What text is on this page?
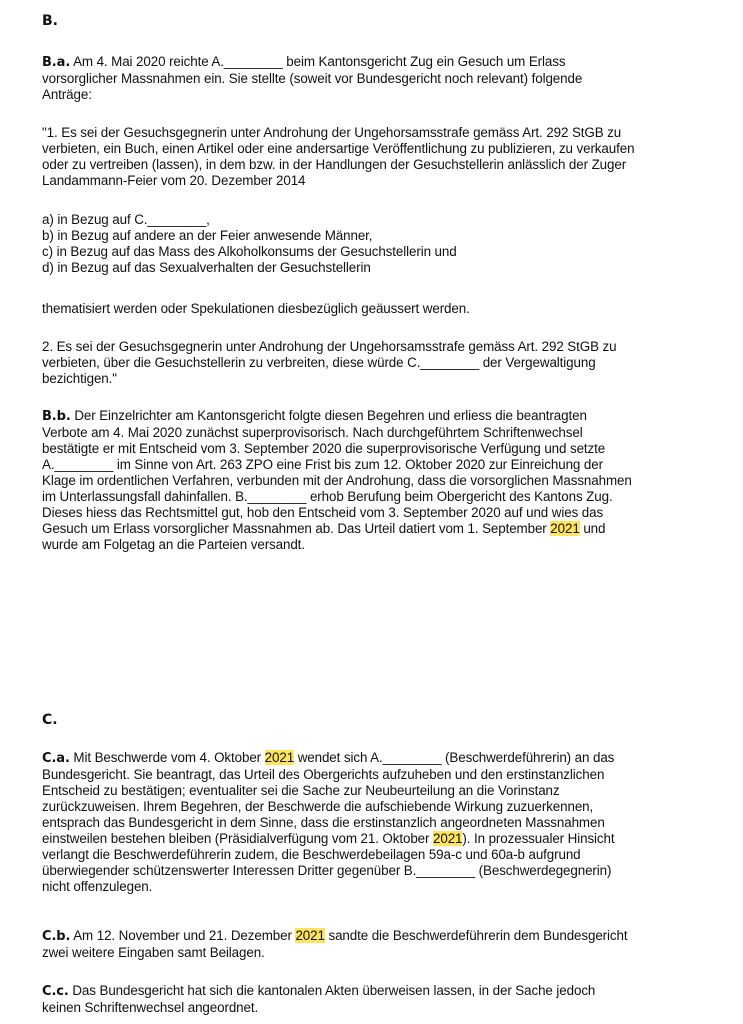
B.
B.a. Am 4. Mai 2020 reichte A.________ beim Kantonsgericht Zug ein Gesuch um Erlass
vorsorglicher Massnahmen ein. Sie stellte (soweit vor Bundesgericht noch relevant) folgende
Anträge:
"1. Es sei der Gesuchsgegnerin unter Androhung der Ungehorsamsstrafe gemäss Art. 292 StGB zu
verbieten, ein Buch, einen Artikel oder eine andersartige Veröffentlichung zu publizieren, zu verkaufen
oder zu vertreiben (lassen), in dem bzw. in der Handlungen der Gesuchstellerin anlässlich der Zuger
Landammann-Feier vom 20. Dezember 2014
a) in Bezug auf C.________,
b) in Bezug auf andere an der Feier anwesende Männer,
c) in Bezug auf das Mass des Alkoholkonsums der Gesuchstellerin und
d) in Bezug auf das Sexualverhalten der Gesuchstellerin
thematisiert werden oder Spekulationen diesbezüglich geäussert werden.
2. Es sei der Gesuchsgegnerin unter Androhung der Ungehorsamsstrafe gemäss Art. 292 StGB zu
verbieten, über die Gesuchstellerin zu verbreiten, diese würde C.________ der Vergewaltigung
bezichtigen."
B.b. Der Einzelrichter am Kantonsgericht folgte diesen Begehren und erliess die beantragten
Verbote am 4. Mai 2020 zunächst superprovisorisch. Nach durchgeführtem Schriftenwechsel
bestätigte er mit Entscheid vom 3. September 2020 die superprovisorische Verfügung und setzte
A.________ im Sinne von Art. 263 ZPO eine Frist bis zum 12. Oktober 2020 zur Einreichung der
Klage im ordentlichen Verfahren, verbunden mit der Androhung, dass die vorsorglichen Massnahmen
im Unterlassungsfall dahinfallen. B.________ erhob Berufung beim Obergericht des Kantons Zug.
Dieses hiess das Rechtsmittel gut, hob den Entscheid vom 3. September 2020 auf und wies das
Gesuch um Erlass vorsorglicher Massnahmen ab. Das Urteil datiert vom 1. September 2021 und
wurde am Folgetag an die Parteien versandt.
C.
C.a. Mit Beschwerde vom 4. Oktober 2021 wendet sich A.________ (Beschwerdeführerin) an das
Bundesgericht. Sie beantragt, das Urteil des Obergerichts aufzuheben und den erstinstanzlichen
Entscheid zu bestätigen; eventualiter sei die Sache zur Neubeurteilung an die Vorinstanz
zurückzuweisen. Ihrem Begehren, der Beschwerde die aufschiebende Wirkung zuzuerkennen,
entsprach das Bundesgericht in dem Sinne, dass die erstinstanzlich angeordneten Massnahmen
einstweilen bestehen bleiben (Präsidialverfügung vom 21. Oktober 2021). In prozessualer Hinsicht
verlangt die Beschwerdeführerin zudem, die Beschwerdebeilagen 59a-c und 60a-b aufgrund
überwiegender schützenswerter Interessen Dritter gegenüber B.________ (Beschwerdegegnerin)
nicht offenzulegen.
C.b. Am 12. November und 21. Dezember 2021 sandte die Beschwerdeführerin dem Bundesgericht
zwei weitere Eingaben samt Beilagen.
C.c. Das Bundesgericht hat sich die kantonalen Akten überweisen lassen, in der Sache jedoch
keinen Schriftenwechsel angeordnet.
